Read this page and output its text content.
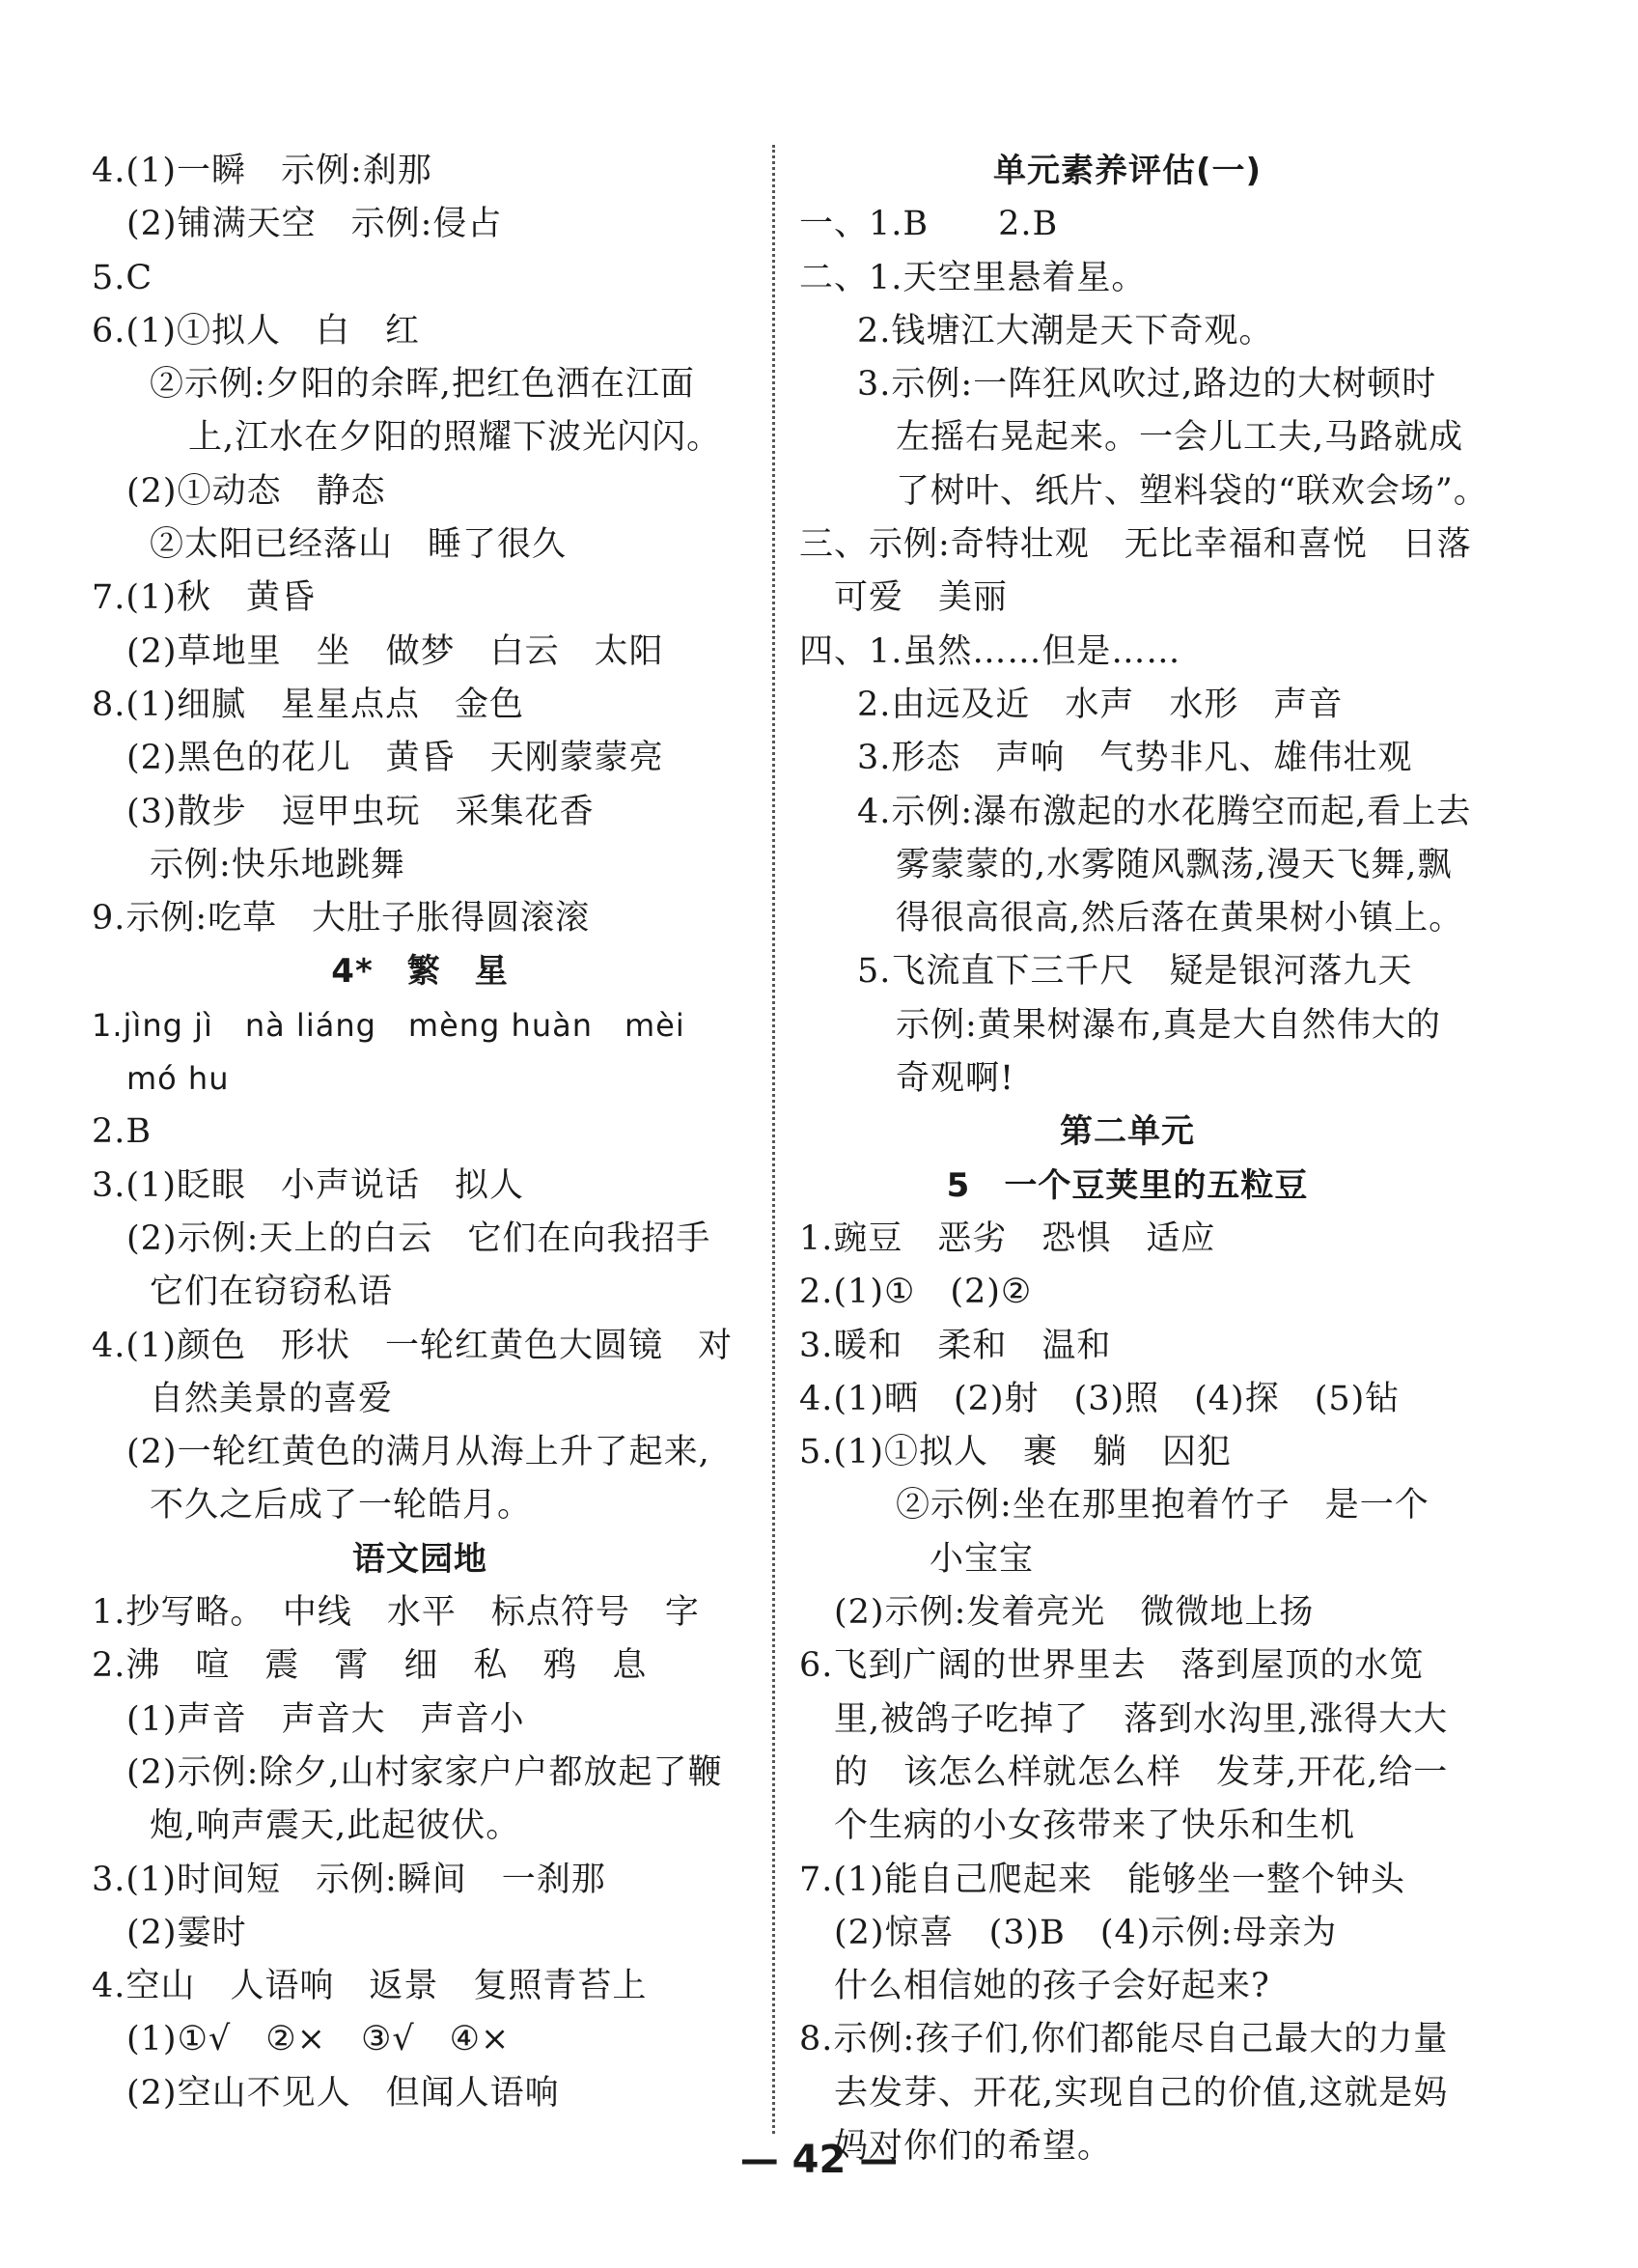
4.(1)一瞬　示例:刹那
(2)铺满天空　示例:侵占
5.C
6.(1)①拟人　白　红
②示例:夕阳的余晖,把红色洒在江面
上,江水在夕阳的照耀下波光闪闪。
(2)①动态　静态
②太阳已经落山　睡了很久
7.(1)秋　黄昏
(2)草地里　坐　做梦　白云　太阳
8.(1)细腻　星星点点　金色
(2)黑色的花儿　黄昏　天刚蒙蒙亮
(3)散步　逗甲虫玩　采集花香
示例:快乐地跳舞
9.示例:吃草　大肚子胀得圆滚滚
4*　繁　星
1.jìng jì　nà liáng　mèng huàn　mèi
mó hu
2.B
3.(1)眨眼　小声说话　拟人
(2)示例:天上的白云　它们在向我招手
它们在窃窃私语
4.(1)颜色　形状　一轮红黄色大圆镜　对
自然美景的喜爱
(2)一轮红黄色的满月从海上升了起来,
不久之后成了一轮皓月。
语文园地
1.抄写略。　中线　水平　标点符号　字
2.沸　喧　震　霄　细　私　鸦　息
(1)声音　声音大　声音小
(2)示例:除夕,山村家家户户都放起了鞭
炮,响声震天,此起彼伏。
3.(1)时间短　示例:瞬间　一刹那
(2)霎时
4.空山　人语响　返景　复照青苔上
(1)①√　②×　③√　④×
(2)空山不见人　但闻人语响
单元素养评估(一)
一、1.B　　2.B
二、1.天空里悬着星。
2.钱塘江大潮是天下奇观。
3.示例:一阵狂风吹过,路边的大树顿时
左摇右晃起来。一会儿工夫,马路就成
了树叶、纸片、塑料袋的“联欢会场”。
三、示例:奇特壮观　无比幸福和喜悦　日落
可爱　美丽
四、1.虽然……但是……
2.由远及近　水声　水形　声音
3.形态　声响　气势非凡、雄伟壮观
4.示例:瀑布激起的水花腾空而起,看上去
雾蒙蒙的,水雾随风飘荡,漫天飞舞,飘
得很高很高,然后落在黄果树小镇上。
5.飞流直下三千尺　疑是银河落九天
示例:黄果树瀑布,真是大自然伟大的
奇观啊!
第二单元
5　一个豆荚里的五粒豆
1.豌豆　恶劣　恐惧　适应
2.(1)①　(2)②
3.暖和　柔和　温和
4.(1)晒　(2)射　(3)照　(4)探　(5)钻
5.(1)①拟人　裹　躺　囚犯
②示例:坐在那里抱着竹子　是一个
小宝宝
(2)示例:发着亮光　微微地上扬
6.飞到广阔的世界里去　落到屋顶的水笕
里,被鸽子吃掉了　落到水沟里,涨得大大
的　该怎么样就怎么样　发芽,开花,给一
个生病的小女孩带来了快乐和生机
7.(1)能自己爬起来　能够坐一整个钟头
(2)惊喜　(3)B　(4)示例:母亲为
什么相信她的孩子会好起来?
8.示例:孩子们,你们都能尽自己最大的力量
去发芽、开花,实现自己的价值,这就是妈
妈对你们的希望。
— 42 —
